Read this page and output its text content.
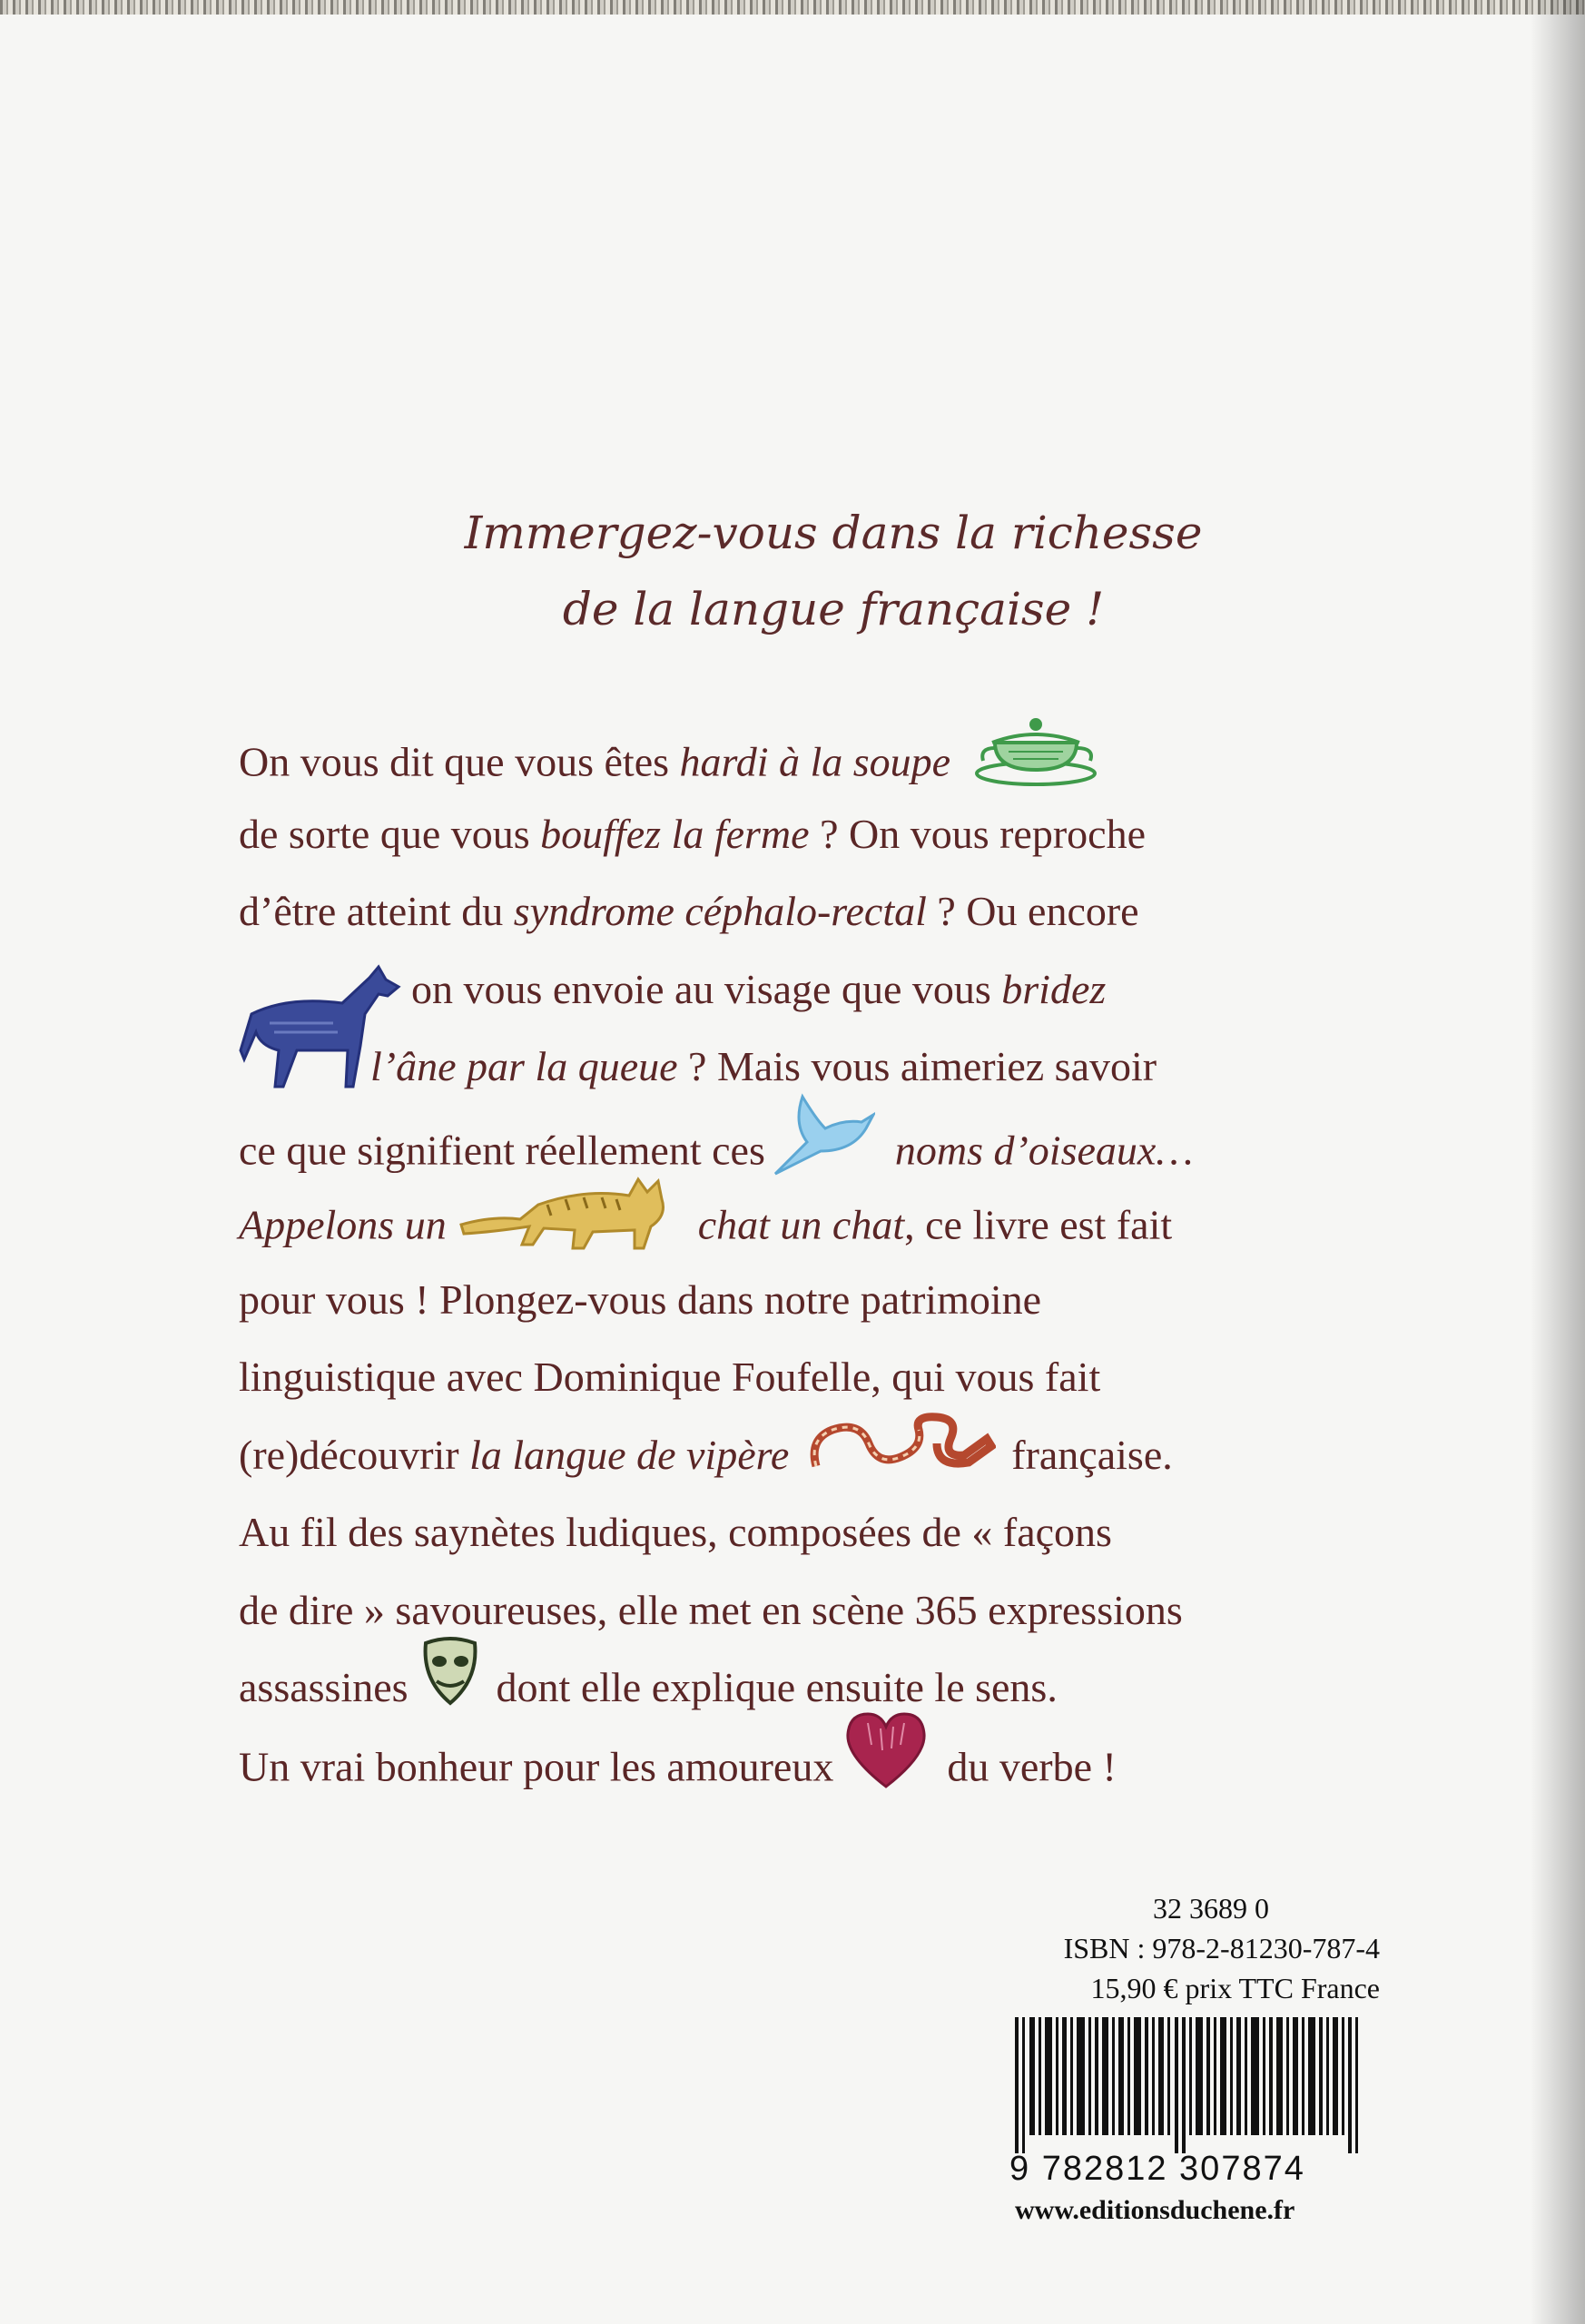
Immergez-vous dans la richesse
de la langue française !
On vous dit que vous êtes hardi à la soupe
de sorte que vous bouffez la ferme ? On vous reproche
d’être atteint du syndrome céphalo-rectal ? Ou encore
on vous envoie au visage que vous bridez
l’âne par la queue ? Mais vous aimeriez savoir
ce que signifient réellement ces	noms d’oiseaux…
Appelons un	chat un chat, ce livre est fait
pour vous ! Plongez-vous dans notre patrimoine
linguistique avec Dominique Foufelle, qui vous fait
(re)découvrir la langue de vipère	française.
Au fil des saynètes ludiques, composées de « façons
de dire » savoureuses, elle met en scène 365 expressions
assassines  dont elle explique ensuite le sens.
Un vrai bonheur pour les amoureux  du verbe !
32 3689 0
ISBN : 978-2-81230-787-4
15,90 € prix TTC France
9 782812 307874
www.editionsduchene.fr
